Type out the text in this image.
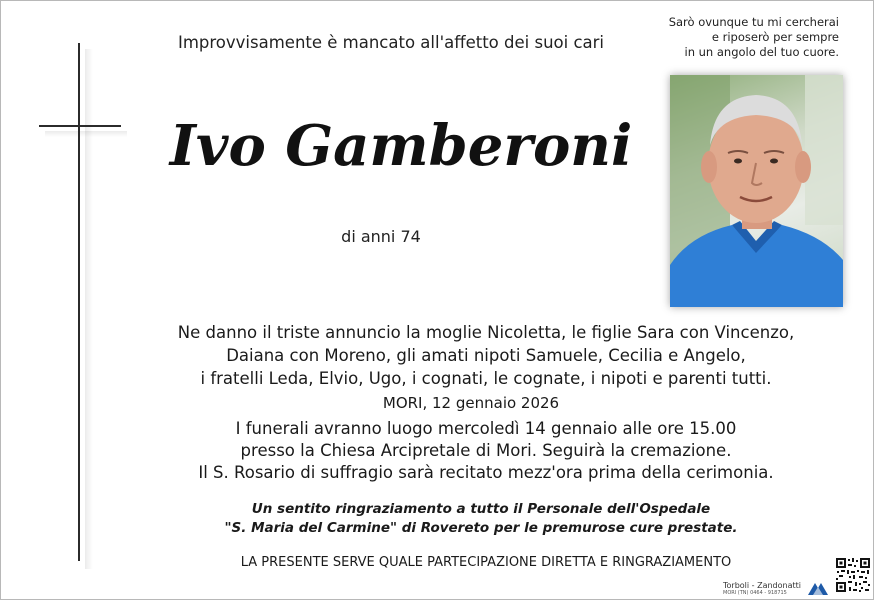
Improvvisamente è mancato all'affetto dei suoi cari
Sarò ovunque tu mi cercherai
e riposerò per sempre
in un angolo del tuo cuore.
Ivo Gamberoni
di anni 74
Ne danno il triste annuncio la moglie Nicoletta, le figlie Sara con Vincenzo,
Daiana con Moreno, gli amati nipoti Samuele, Cecilia e Angelo,
i fratelli Leda, Elvio, Ugo, i cognati, le cognate, i nipoti e parenti tutti.
MORI, 12 gennaio 2026
I funerali avranno luogo mercoledì 14 gennaio alle ore 15.00
presso la Chiesa Arcipretale di Mori. Seguirà la cremazione.
Il S. Rosario di suffragio sarà recitato mezz'ora prima della cerimonia.
Un sentito ringraziamento a tutto il Personale dell'Ospedale
"S. Maria del Carmine" di Rovereto per le premurose cure prestate.
LA PRESENTE SERVE QUALE PARTECIPAZIONE DIRETTA E RINGRAZIAMENTO
Torboli - Zandonatti
MORI (TN) 0464 - 918715
